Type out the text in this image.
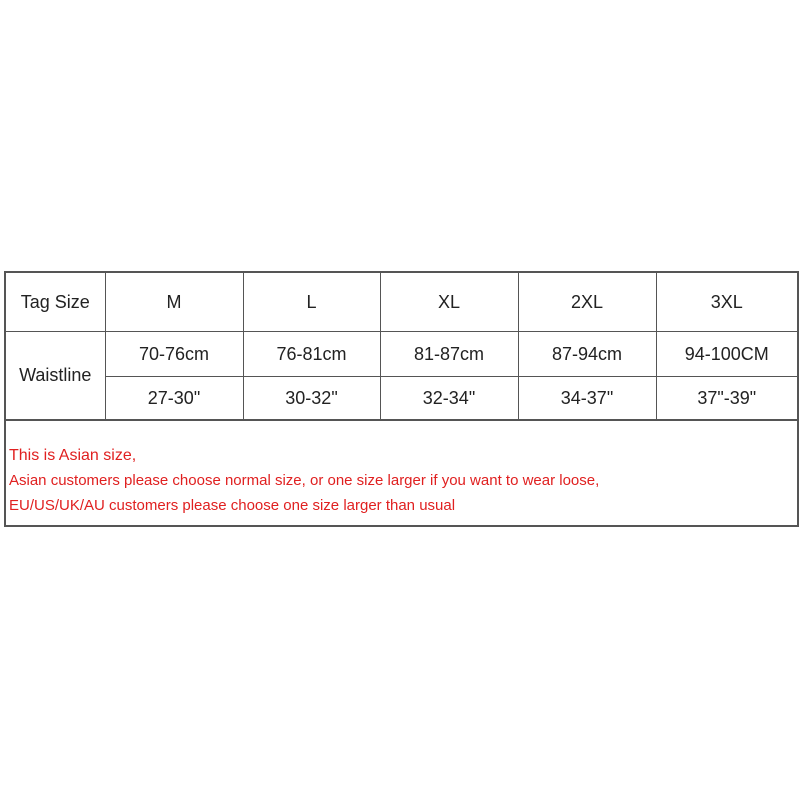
Tag Size	M	L	XL	2XL	3XL
Waistline	70-76cm	76-81cm	81-87cm	87-94cm	94-100CM
	27-30"	30-32"	32-34"	34-37"	37"-39"
This is Asian size,
Asian customers please choose normal size, or one size larger if you want to wear loose,
EU/US/UK/AU customers please choose one size larger than usual
